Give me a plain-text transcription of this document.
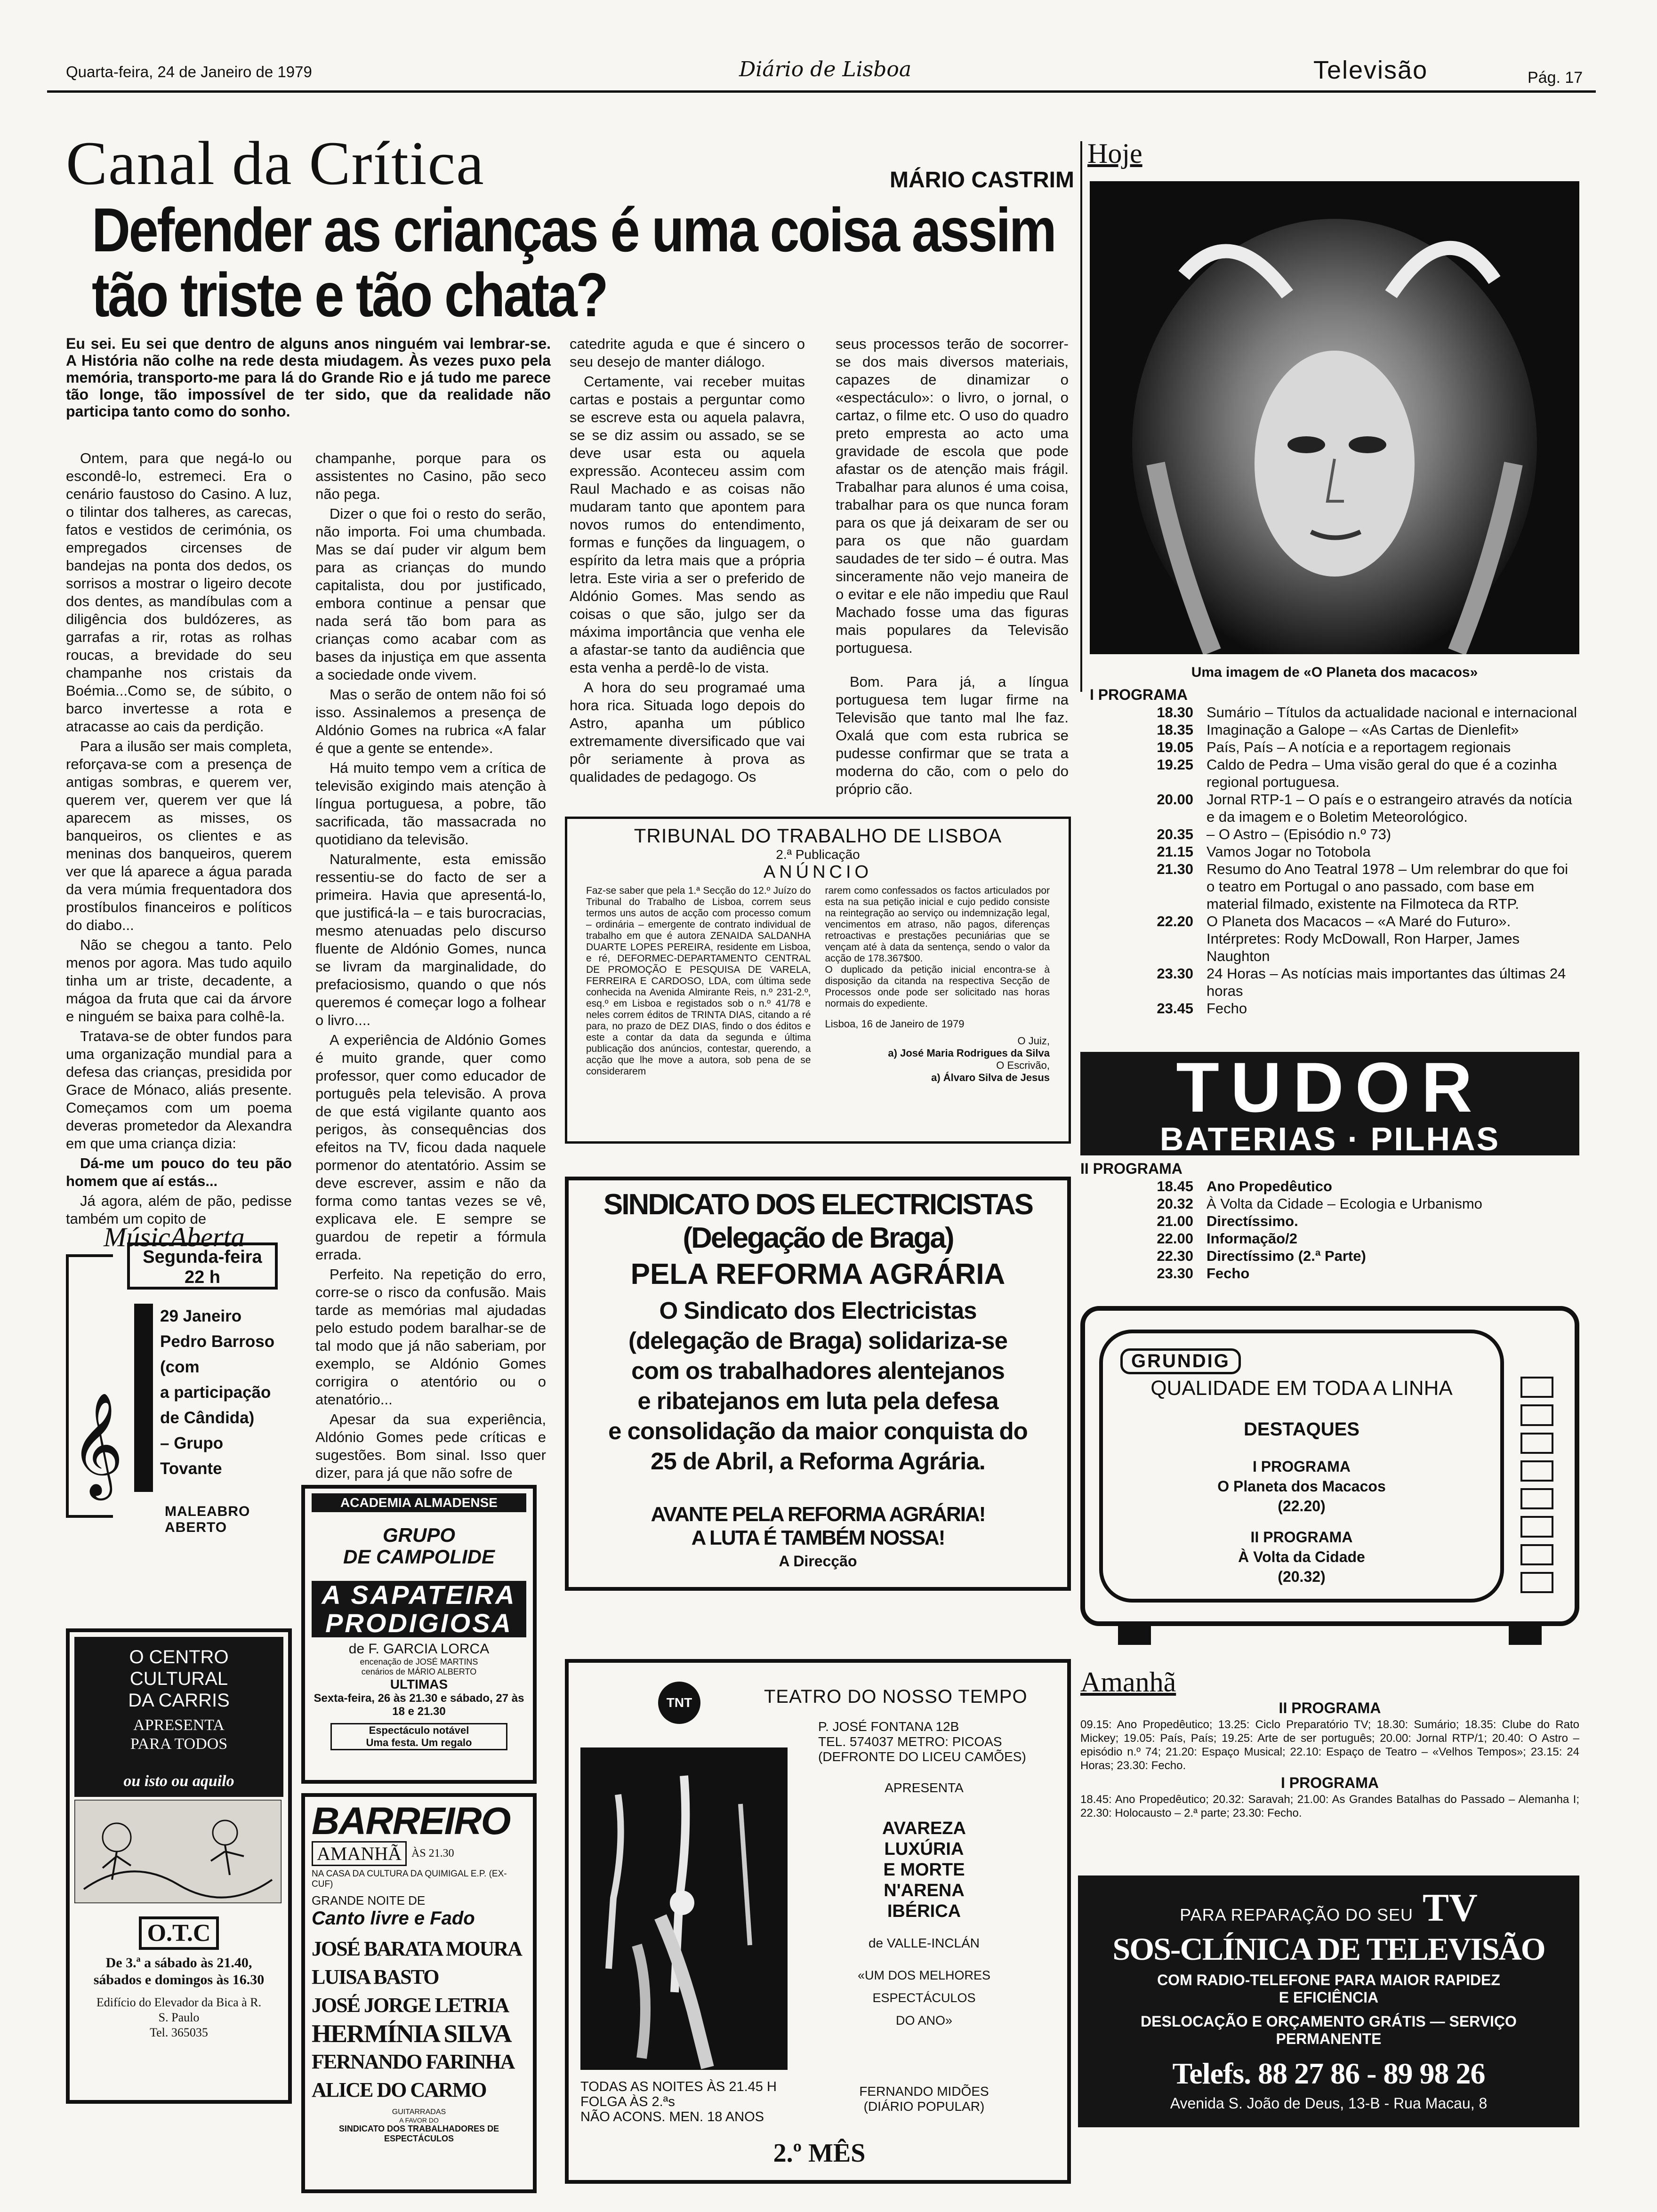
Quarta-feira, 24 de Janeiro de 1979	Diário de Lisboa	Televisão	Pág. 17
Canal da Crítica	MÁRIO CASTRIM
Defender as crianças é uma coisa assim
tão triste e tão chata?
Eu sei. Eu sei que dentro de alguns anos ninguém vai lembrar-se. A História não colhe na rede desta miudagem. Às vezes puxo pela memória, transporto-me para lá do Grande Rio e já tudo me parece tão longe, tão impossível de ter sido, que da realidade não participa tanto como do sonho.

Ontem, para que negá-lo ou escondê-lo, estremeci. Era o cenário faustoso do Casino. A luz, o tilintar dos talheres, as carecas, fatos e vestidos de cerimónia, os empregados circenses de bandejas na ponta dos dedos, os sorrisos a mostrar o ligeiro decote dos dentes, as mandíbulas com a diligência dos buldózeres, as garrafas a rir, rotas as rolhas roucas, a brevidade do seu champanhe nos cristais da Boémia...Como se, de súbito, o barco invertesse a rota e atracasse ao cais da perdição.

Para a ilusão ser mais completa, reforçava-se com a presença de antigas sombras, e querem ver, querem ver, querem ver que lá aparecem as misses, os banqueiros, os clientes e as meninas dos banqueiros, querem ver que lá aparece a água parada da vera múmia frequentadora dos prostíbulos financeiros e políticos do diabo...

Não se chegou a tanto. Pelo menos por agora. Mas tudo aquilo tinha um ar triste, decadente, a mágoa da fruta que cai da árvore e ninguém se baixa para colhê-la.

Tratava-se de obter fundos para uma organização mundial para a defesa das crianças, presidida por Grace de Mónaco, aliás presente. Começamos com um poema deveras prometedor da Alexandra em que uma criança dizia:

Dá-me um pouco do teu pão homem que aí estás...

Já agora, além de pão, pedisse também um copito de

champanhe, porque para os assistentes no Casino, pão seco não pega.

Dizer o que foi o resto do serão, não importa. Foi uma chumbada. Mas se daí puder vir algum bem para as crianças do mundo capitalista, dou por justificado, embora continue a pensar que nada será tão bom para as crianças como acabar com as bases da injustiça em que assenta a sociedade onde vivem.

Mas o serão de ontem não foi só isso. Assinalemos a presença de Aldónio Gomes na rubrica «A falar é que a gente se entende».

Há muito tempo vem a crítica de televisão exigindo mais atenção à língua portuguesa, a pobre, tão sacrificada, tão massacrada no quotidiano da televisão.

Naturalmente, esta emissão ressentiu-se do facto de ser a primeira. Havia que apresentá-lo, que justificá-la – e tais burocracias, mesmo atenuadas pelo discurso fluente de Aldónio Gomes, nunca se livram da marginalidade, do prefaciosismo, quando o que nós queremos é começar logo a folhear o livro....

A experiência de Aldónio Gomes é muito grande, quer como professor, quer como educador de português pela televisão. A prova de que está vigilante quanto aos perigos, às consequências dos efeitos na TV, ficou dada naquele pormenor do atentatório. Assim se deve escrever, assim e não da forma como tantas vezes se vê, explicava ele. E sempre se guardou de repetir a fórmula errada.

Perfeito. Na repetição do erro, corre-se o risco da confusão. Mais tarde as memórias mal ajudadas pelo estudo podem baralhar-se de tal modo que já não saberiam, por exemplo, se Aldónio Gomes corrigira o atentório ou o atenatório...

Apesar da sua experiência, Aldónio Gomes pede críticas e sugestões. Bom sinal. Isso quer dizer, para já que não sofre de

catedrite aguda e que é sincero o seu desejo de manter diálogo.

Certamente, vai receber muitas cartas e postais a perguntar como se escreve esta ou aquela palavra, se se diz assim ou assado, se se deve usar esta ou aquela expressão. Aconteceu assim com Raul Machado e as coisas não mudaram tanto que apontem para novos rumos do entendimento, formas e funções da linguagem, o espírito da letra mais que a própria letra. Este viria a ser o preferido de Aldónio Gomes. Mas sendo as coisas o que são, julgo ser da máxima importância que venha ele a afastar-se tanto da audiência que esta venha a perdê-lo de vista.

A hora do seu programaé uma hora rica. Situada logo depois do Astro, apanha um público extremamente diversificado que vai pôr seriamente à prova as qualidades de pedagogo. Os

seus processos terão de socorrer-se dos mais diversos materiais, capazes de dinamizar o «espectáculo»: o livro, o jornal, o cartaz, o filme etc. O uso do quadro preto empresta ao acto uma gravidade de escola que pode afastar os de atenção mais frágil. Trabalhar para alunos é uma coisa, trabalhar para os que nunca foram para os que já deixaram de ser ou para os que não guardam saudades de ter sido – é outra. Mas sinceramente não vejo maneira de o evitar e ele não impediu que Raul Machado fosse uma das figuras mais populares da Televisão portuguesa.

Bom. Para já, a língua portuguesa tem lugar firme na Televisão que tanto mal lhe faz. Oxalá que com esta rubrica se pudesse confirmar que se trata a moderna do cão, com o pelo do próprio cão.

TRIBUNAL DO TRABALHO DE LISBOA
2.ª Publicação
ANÚNCIO
Faz-se saber que pela 1.ª Secção do 12.º Juízo do Tribunal do Trabalho de Lisboa, correm seus termos uns autos de acção com processo comum – ordinária – emergente de contrato individual de trabalho em que é autora ZENAIDA SALDANHA DUARTE LOPES PEREIRA, residente em Lisboa, e ré, DEFORMEC-DEPARTAMENTO CENTRAL DE PROMOÇÃO E PESQUISA DE VARELA, FERREIRA E CARDOSO, LDA, com última sede conhecida na Avenida Almirante Reis, n.º 231-2.º, esq.º em Lisboa e registados sob o n.º 41/78 e neles correm éditos de TRINTA DIAS, citando a ré para, no prazo de DEZ DIAS, findo o dos éditos e este a contar da data da segunda e última publicação dos anúncios, contestar, querendo, a acção que lhe move a autora, sob pena de se considerarem
rarem como confessados os factos articulados por esta na sua petição inicial e cujo pedido consiste na reintegração ao serviço ou indemnização legal, vencimentos em atraso, não pagos, diferenças retroactivas e prestações pecuniárias que se vençam até à data da sentença, sendo o valor da acção de 178.367$00.
O duplicado da petição inicial encontra-se à disposição da citanda na respectiva Secção de Processos onde pode ser solicitado nas horas normais do expediente.
Lisboa, 16 de Janeiro de 1979
O Juiz,
a) José Maria Rodrigues da Silva
O Escrivão,
a) Álvaro Silva de Jesus
SINDICATO DOS ELECTRICISTAS
(Delegação de Braga)
PELA REFORMA AGRÁRIA
O Sindicato dos Electricistas
(delegação de Braga) solidariza-se
com os trabalhadores alentejanos
e ribatejanos em luta pela defesa
e consolidação da maior conquista do
25 de Abril, a Reforma Agrária.
AVANTE PELA REFORMA AGRÁRIA!
A LUTA É TAMBÉM NOSSA!
A Direcção
MúsicAberta
Segunda-feira
22 h
29 Janeiro
Pedro Barroso
(com
a participação
de Cândida)
– Grupo
Tovante
𝄞
MALEABRO ABERTO
O CENTRO
CULTURAL
DA CARRIS
APRESENTA
PARA TODOS
ou isto ou aquilo
O.T.C
De 3.ª a sábado às 21.40,
sábados e domingos às 16.30
Edifício do Elevador da Bica à R.
S. Paulo
Tel. 365035
ACADEMIA ALMADENSE
GRUPO
DE CAMPOLIDE
A SAPATEIRA
PRODIGIOSA
de F. GARCIA LORCA
encenação de JOSÉ MARTINS
cenários de MÁRIO ALBERTO
ULTIMAS
Sexta-feira, 26 às 21.30 e sábado, 27 às 18 e 21.30
Espectáculo notável
Uma festa. Um regalo
BARREIRO
AMANHÃ ÀS 21.30
NA CASA DA CULTURA DA QUIMIGAL E.P. (EX-CUF)
GRANDE NOITE DE
Canto livre e Fado
JOSÉ BARATA MOURA
LUISA BASTO
JOSÉ JORGE LETRIA
HERMÍNIA SILVA
FERNANDO FARINHA
ALICE DO CARMO
GUITARRADAS
A FAVOR DO
SINDICATO DOS TRABALHADORES DE ESPECTÁCULOS
TNT	TEATRO DO NOSSO TEMPO
P. JOSÉ FONTANA 12B
TEL. 574037 METRO: PICOAS
(DEFRONTE DO LICEU CAMÕES)
APRESENTA
AVAREZA
LUXÚRIA
E MORTE
N'ARENA
IBÉRICA
de VALLE-INCLÁN
«UM DOS MELHORES
ESPECTÁCULOS
DO ANO»
FERNANDO MIDÕES
(DIÁRIO POPULAR)
TODAS AS NOITES ÀS 21.45 H
FOLGA ÀS 2.ªs
NÃO ACONS. MEN. 18 ANOS
2.º MÊS
Hoje
Uma imagem de «O Planeta dos macacos»
I PROGRAMA
18.30 Sumário – Títulos da actualidade nacional e internacional
18.35 Imaginação a Galope – «As Cartas de Dienlefit»
19.05 País, País – A notícia e a reportagem regionais
19.25 Caldo de Pedra – Uma visão geral do que é a cozinha regional portuguesa.
20.00 Jornal RTP-1 – O país e o estrangeiro através da notícia e da imagem e o Boletim Meteorológico.
20.35 – O Astro – (Episódio n.º 73)
21.15 Vamos Jogar no Totobola
21.30 Resumo do Ano Teatral 1978 – Um relembrar do que foi o teatro em Portugal o ano passado, com base em material filmado, existente na Filmoteca da RTP.
22.20 O Planeta dos Macacos – «A Maré do Futuro». Intérpretes: Rody McDowall, Ron Harper, James Naughton
23.30 24 Horas – As notícias mais importantes das últimas 24 horas
23.45 Fecho
TUDOR
BATERIAS · PILHAS
II PROGRAMA
18.45 Ano Propedêutico
20.32 À Volta da Cidade – Ecologia e Urbanismo
21.00 Directíssimo.
22.00 Informação/2
22.30 Directíssimo (2.ª Parte)
23.30 Fecho
GRUNDIG
QUALIDADE EM TODA A LINHA
DESTAQUES
I PROGRAMA
O Planeta dos Macacos
(22.20)
II PROGRAMA
À Volta da Cidade
(20.32)
Amanhã
II PROGRAMA
09.15: Ano Propedêutico; 13.25: Ciclo Preparatório TV; 18.30: Sumário; 18.35: Clube do Rato Mickey; 19.05: País, País; 19.25: Arte de ser português; 20.00: Jornal RTP/1; 20.40: O Astro – episódio n.º 74; 21.20: Espaço Musical; 22.10: Espaço de Teatro – «Velhos Tempos»; 23.15: 24 Horas; 23.30: Fecho.
I PROGRAMA
18.45: Ano Propedêutico; 20.32: Saravah; 21.00: As Grandes Batalhas do Passado – Alemanha I; 22.30: Holocausto – 2.ª parte; 23.30: Fecho.
PARA REPARAÇÃO DO SEU TV
SOS-CLÍNICA DE TELEVISÃO
COM RADIO-TELEFONE PARA MAIOR RAPIDEZ
E EFICIÊNCIA
DESLOCAÇÃO E ORÇAMENTO GRÁTIS — SERVIÇO
PERMANENTE
Telefs. 88 27 86 - 89 98 26
Avenida S. João de Deus, 13-B - Rua Macau, 8
